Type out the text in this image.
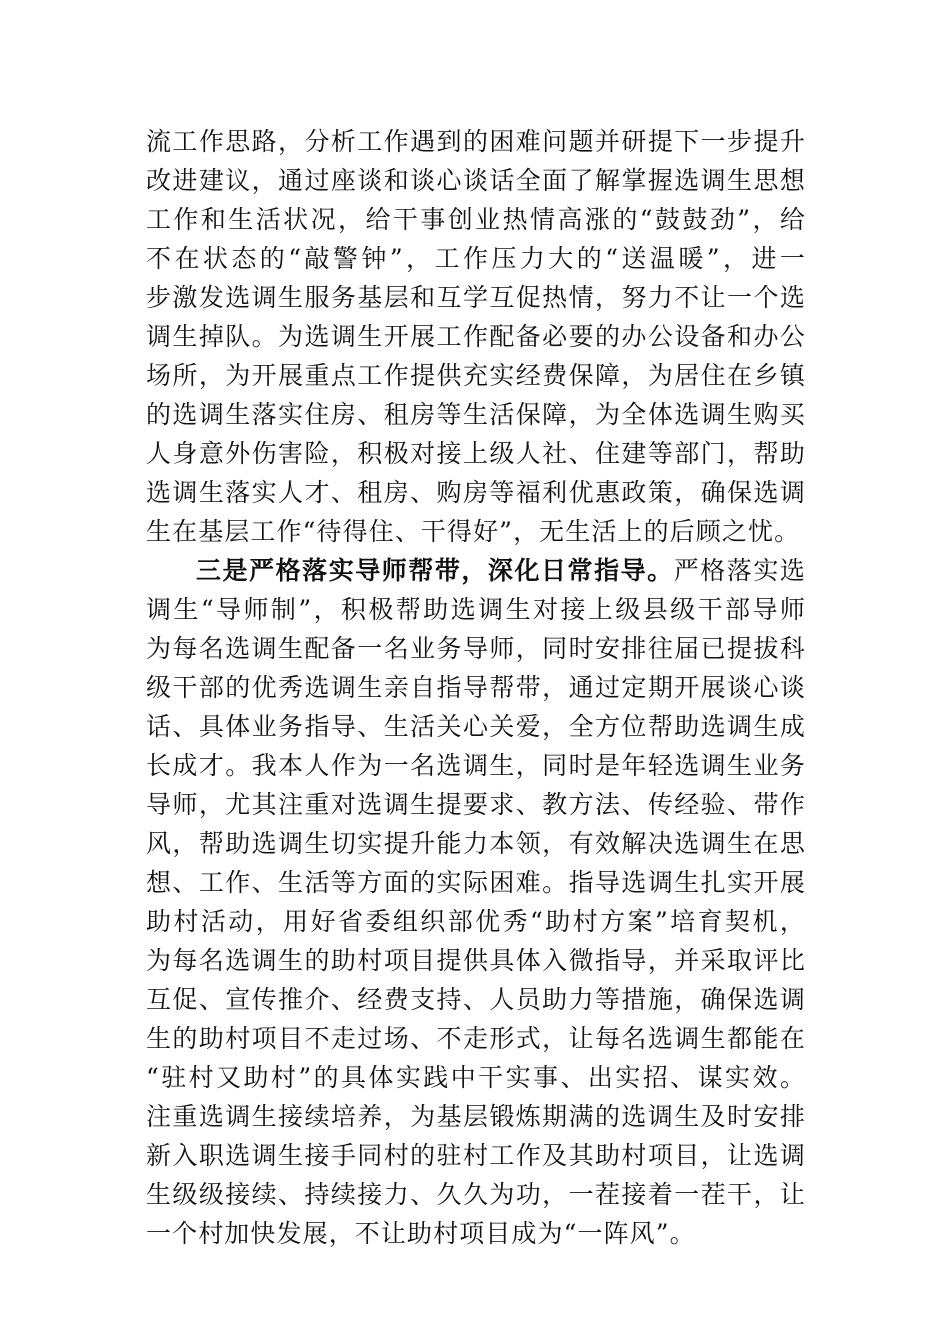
流工作思路，分析工作遇到的困难问题并研提下一步提升
改进建议，通过座谈和谈心谈话全面了解掌握选调生思想
工作和生活状况，给干事创业热情高涨的“鼓鼓劲”，给
不在状态的“敲警钟”，工作压力大的“送温暖”，进一
步激发选调生服务基层和互学互促热情，努力不让一个选
调生掉队。为选调生开展工作配备必要的办公设备和办公
场所，为开展重点工作提供充实经费保障，为居住在乡镇
的选调生落实住房、租房等生活保障，为全体选调生购买
人身意外伤害险，积极对接上级人社、住建等部门，帮助
选调生落实人才、租房、购房等福利优惠政策，确保选调
生在基层工作“待得住、干得好”，无生活上的后顾之忧。
三是严格落实导师帮带，深化日常指导。严格落实选
调生“导师制”，积极帮助选调生对接上级县级干部导师
为每名选调生配备一名业务导师，同时安排往届已提拔科
级干部的优秀选调生亲自指导帮带，通过定期开展谈心谈
话、具体业务指导、生活关心关爱，全方位帮助选调生成
长成才。我本人作为一名选调生，同时是年轻选调生业务
导师，尤其注重对选调生提要求、教方法、传经验、带作
风，帮助选调生切实提升能力本领，有效解决选调生在思
想、工作、生活等方面的实际困难。指导选调生扎实开展
助村活动，用好省委组织部优秀“助村方案”培育契机，
为每名选调生的助村项目提供具体入微指导，并采取评比
互促、宣传推介、经费支持、人员助力等措施，确保选调
生的助村项目不走过场、不走形式，让每名选调生都能在
“驻村又助村”的具体实践中干实事、出实招、谋实效。
注重选调生接续培养，为基层锻炼期满的选调生及时安排
新入职选调生接手同村的驻村工作及其助村项目，让选调
生级级接续、持续接力、久久为功，一茬接着一茬干，让
一个村加快发展，不让助村项目成为“一阵风”。
